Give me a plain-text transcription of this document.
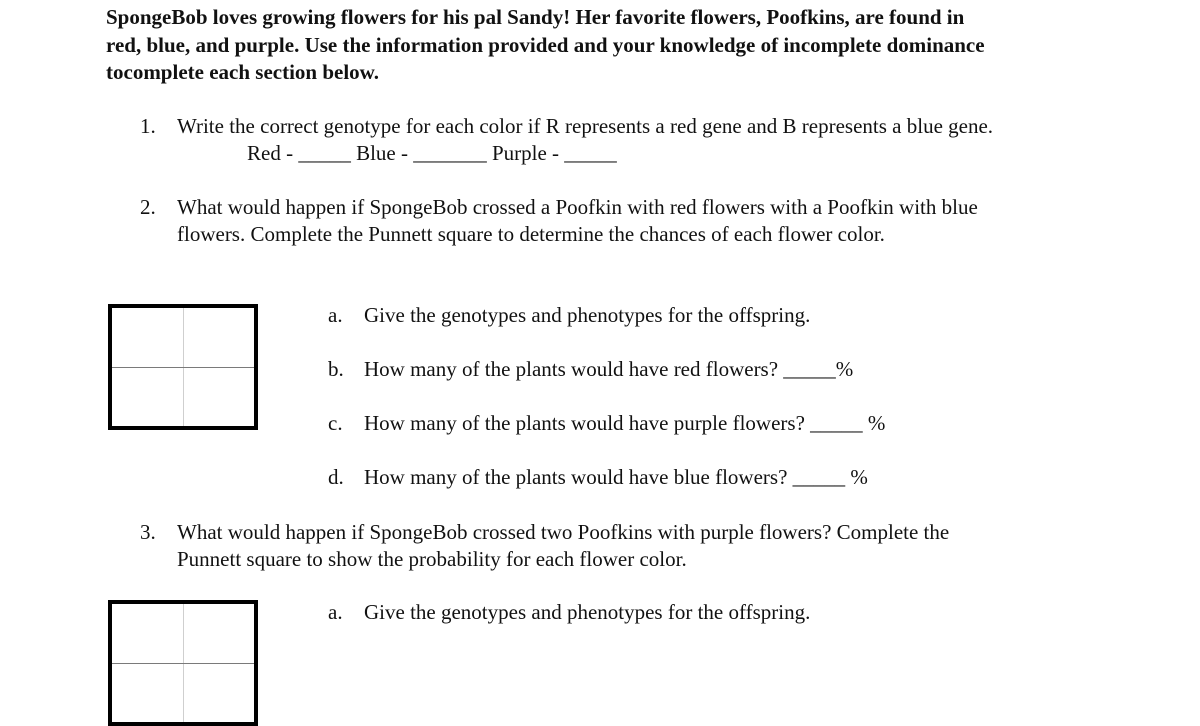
SpongeBob loves growing flowers for his pal Sandy! Her favorite flowers, Poofkins, are found in
red, blue, and purple. Use the information provided and your knowledge of incomplete dominance
tocomplete each section below.

1. Write the correct genotype for each color if R represents a red gene and B represents a blue gene.
Red - _____ Blue - _______ Purple - _____
2. What would happen if SpongeBob crossed a Poofkin with red flowers with a Poofkin with blue
flowers. Complete the Punnett square to determine the chances of each flower color.
a. Give the genotypes and phenotypes for the offspring.
b. How many of the plants would have red flowers? _____%
c. How many of the plants would have purple flowers? _____ %
d. How many of the plants would have blue flowers? _____ %
3. What would happen if SpongeBob crossed two Poofkins with purple flowers? Complete the
Punnett square to show the probability for each flower color.
a. Give the genotypes and phenotypes for the offspring.
